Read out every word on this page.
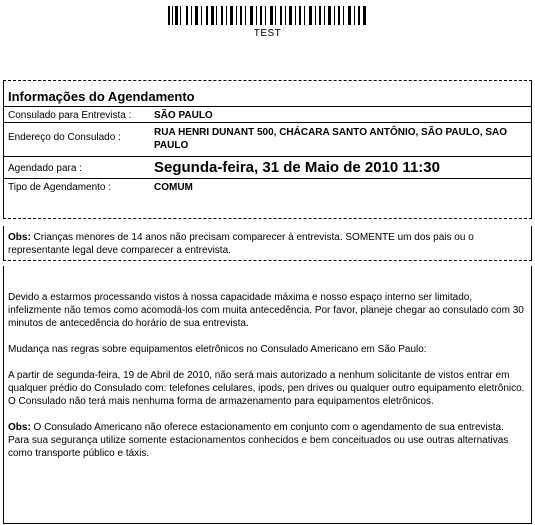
TEST
Informações do Agendamento
Consulado para Entrevista :	SÃO PAULO
Endereço do Consulado :	RUA HENRI DUNANT 500, CHÁCARA SANTO ANTÔNIO, SÃO PAULO, SAO PAULO
Agendado para :	Segunda-feira, 31 de Maio de 2010 11:30
Tipo de Agendamento :	COMUM
Obs: Crianças menores de 14 anos não precisam comparecer à entrevista. SOMENTE um dos pais ou o representante legal deve comparecer a entrevista.

Devido a estarmos processando vistos à nossa capacidade máxima e nosso espaço interno ser limitado, infelizmente não temos como acomodá-los com muita antecedência. Por favor, planeje chegar ao consulado com 30 minutos de antecedência do horário de sua entrevista.

Mudança nas regras sobre equipamentos eletrônicos no Consulado Americano em São Paulo:

A partir de segunda-feira, 19 de Abril de 2010, não será mais autorizado a nenhum solicitante de vistos entrar em qualquer prédio do Consulado com: telefones celulares, ipods, pen drives ou qualquer outro equipamento eletrônico. O Consulado não terá mais nenhuma forma de armazenamento para equipamentos eletrônicos.

Obs: O Consulado Americano não oferece estacionamento em conjunto com o agendamento de sua entrevista. Para sua segurança utilize somente estacionamentos conhecidos e bem conceituados ou use outras alternativas como transporte público e táxis.
